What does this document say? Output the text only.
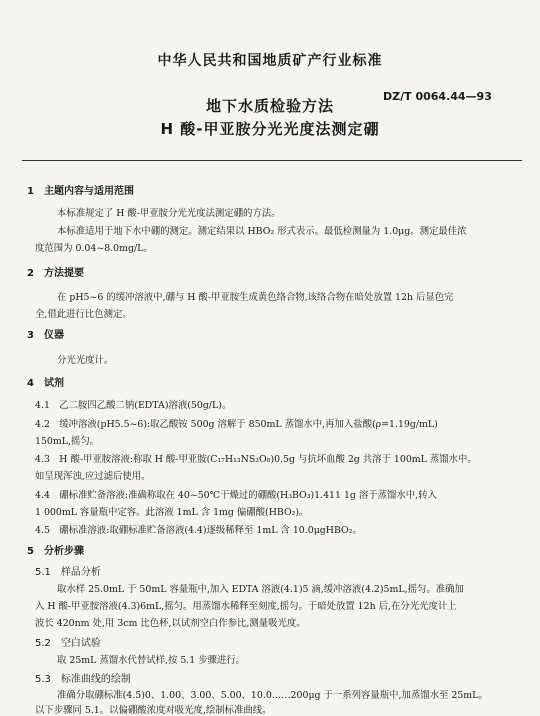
中华人民共和国地质矿产行业标准
地下水质检验方法
H 酸-甲亚胺分光光度法测定硼
DZ/T 0064.44—93
1　主题内容与适用范围
本标准规定了 H 酸-甲亚胺分光光度法测定硼的方法。
本标准适用于地下水中硼的测定。测定结果以 HBO₂ 形式表示。最低检测量为 1.0μg。测定最佳浓
度范围为 0.04~8.0mg/L。
2　方法提要
在 pH5~6 的缓冲溶液中,硼与 H 酸-甲亚胺生成黄色络合物,该络合物在暗处放置 12h 后显色完
全,借此进行比色测定。
3　仪器
分光光度计。
4　试剂
4.1　乙二胺四乙酸二钠(EDTA)溶液(50g/L)。
4.2　缓冲溶液(pH5.5~6):取乙酸铵 500g 溶解于 850mL 蒸馏水中,再加入盐酸(ρ=1.19g/mL)
150mL,摇匀。
4.3　H 酸-甲亚胺溶液:称取 H 酸-甲亚胺(C₁₇H₁₃NS₂O₈)0.5g 与抗坏血酸 2g 共溶于 100mL 蒸馏水中。
如呈现浑浊,应过滤后使用。
4.4　硼标准贮备溶液:准确称取在 40~50℃干燥过的硼酸(H₃BO₃)1.411 1g 溶于蒸馏水中,转入
1 000mL 容量瓶中定容。此溶液 1mL 含 1mg 偏硼酸(HBO₂)。
4.5　硼标准溶液:取硼标准贮备溶液(4.4)逐级稀释至 1mL 含 10.0μgHBO₂。
5　分析步骤
5.1　样品分析
取水样 25.0mL 于 50mL 容量瓶中,加入 EDTA 溶液(4.1)5 滴,缓冲溶液(4.2)5mL,摇匀。准确加
入 H 酸-甲亚胺溶液(4.3)6mL,摇匀。用蒸馏水稀释至刻度,摇匀。于暗处放置 12h 后,在分光光度计上
波长 420nm 处,用 3cm 比色杯,以试剂空白作参比,测量吸光度。
5.2　空白试验
取 25mL 蒸馏水代替试样,按 5.1 步骤进行。
5.3　标准曲线的绘制
准确分取硼标准(4.5)0、1.00、3.00、5.00、10.0……200μg 于一系列容量瓶中,加蒸馏水至 25mL。
以下步骤同 5.1。以偏硼酸浓度对吸光度,绘制标准曲线。
